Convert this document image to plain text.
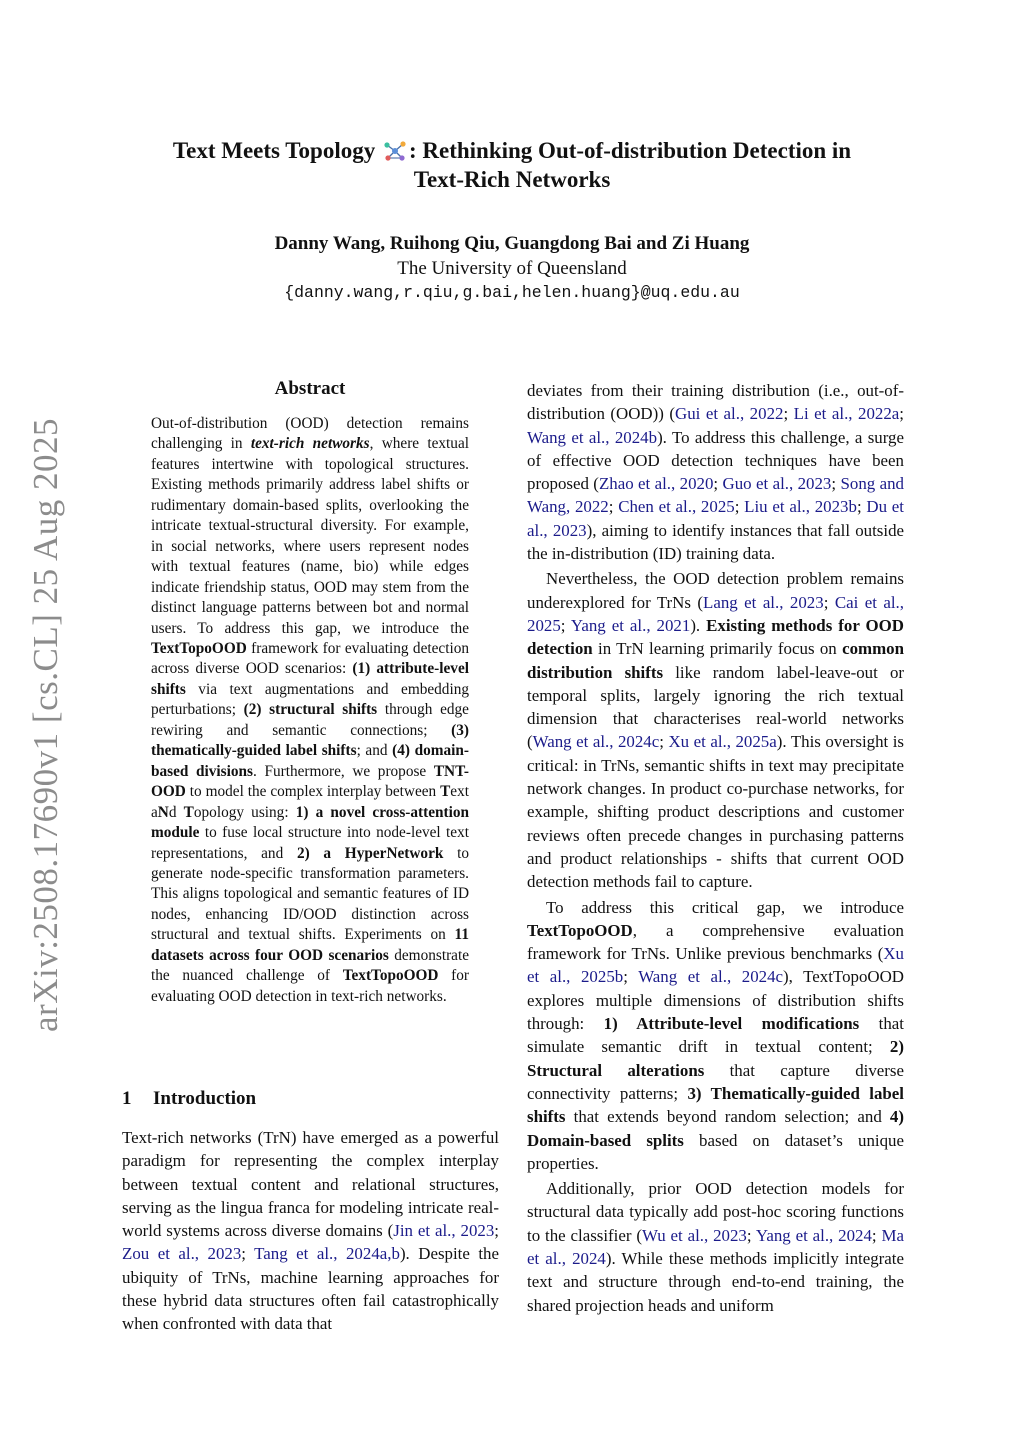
arXiv:2508.17690v1 [cs.CL] 25 Aug 2025
Text Meets Topology : Rethinking Out-of-distribution Detection in
Text-Rich Networks
Danny Wang, Ruihong Qiu, Guangdong Bai and Zi Huang
The University of Queensland
{danny.wang,r.qiu,g.bai,helen.huang}@uq.edu.au
Abstract
Out-of-distribution (OOD) detection remains challenging in text-rich networks, where textual features intertwine with topological structures. Existing methods primarily address label shifts or rudimentary domain-based splits, overlooking the intricate textual-structural diversity. For example, in social networks, where users represent nodes with textual features (name, bio) while edges indicate friendship status, OOD may stem from the distinct language patterns between bot and normal users. To address this gap, we introduce the TextTopoOOD framework for evaluating detection across diverse OOD scenarios: (1) attribute-level shifts via text augmentations and embedding perturbations; (2) structural shifts through edge rewiring and semantic connections; (3) thematically-guided label shifts; and (4) domain-based divisions. Furthermore, we propose TNT-OOD to model the complex interplay between Text aNd Topology using: 1) a novel cross-attention module to fuse local structure into node-level text representations, and 2) a HyperNetwork to generate node-specific transformation parameters. This aligns topological and semantic features of ID nodes, enhancing ID/OOD distinction across structural and textual shifts. Experiments on 11 datasets across four OOD scenarios demonstrate the nuanced challenge of TextTopoOOD for evaluating OOD detection in text-rich networks.
1 Introduction
Text-rich networks (TrN) have emerged as a powerful paradigm for representing the complex interplay between textual content and relational structures, serving as the lingua franca for modeling intricate real-world systems across diverse domains (Jin et al., 2023; Zou et al., 2023; Tang et al., 2024a,b). Despite the ubiquity of TrNs, machine learning approaches for these hybrid data structures often fail catastrophically when confronted with data that

deviates from their training distribution (i.e., out-of-distribution (OOD)) (Gui et al., 2022; Li et al., 2022a; Wang et al., 2024b). To address this challenge, a surge of effective OOD detection techniques have been proposed (Zhao et al., 2020; Guo et al., 2023; Song and Wang, 2022; Chen et al., 2025; Liu et al., 2023b; Du et al., 2023), aiming to identify instances that fall outside the in-distribution (ID) training data.

Nevertheless, the OOD detection problem remains underexplored for TrNs (Lang et al., 2023; Cai et al., 2025; Yang et al., 2021). Existing methods for OOD detection in TrN learning primarily focus on common distribution shifts like random label-leave-out or temporal splits, largely ignoring the rich textual dimension that characterises real-world networks (Wang et al., 2024c; Xu et al., 2025a). This oversight is critical: in TrNs, semantic shifts in text may precipitate network changes. In product co-purchase networks, for example, shifting product descriptions and customer reviews often precede changes in purchasing patterns and product relationships - shifts that current OOD detection methods fail to capture.

To address this critical gap, we introduce TextTopoOOD, a comprehensive evaluation framework for TrNs. Unlike previous benchmarks (Xu et al., 2025b; Wang et al., 2024c), TextTopoOOD explores multiple dimensions of distribution shifts through: 1) Attribute-level modifications that simulate semantic drift in textual content; 2) Structural alterations that capture diverse connectivity patterns; 3) Thematically-guided label shifts that extends beyond random selection; and 4) Domain-based splits based on dataset’s unique properties.

Additionally, prior OOD detection models for structural data typically add post-hoc scoring functions to the classifier (Wu et al., 2023; Yang et al., 2024; Ma et al., 2024). While these methods implicitly integrate text and structure through end-to-end training, the shared projection heads and uniform
